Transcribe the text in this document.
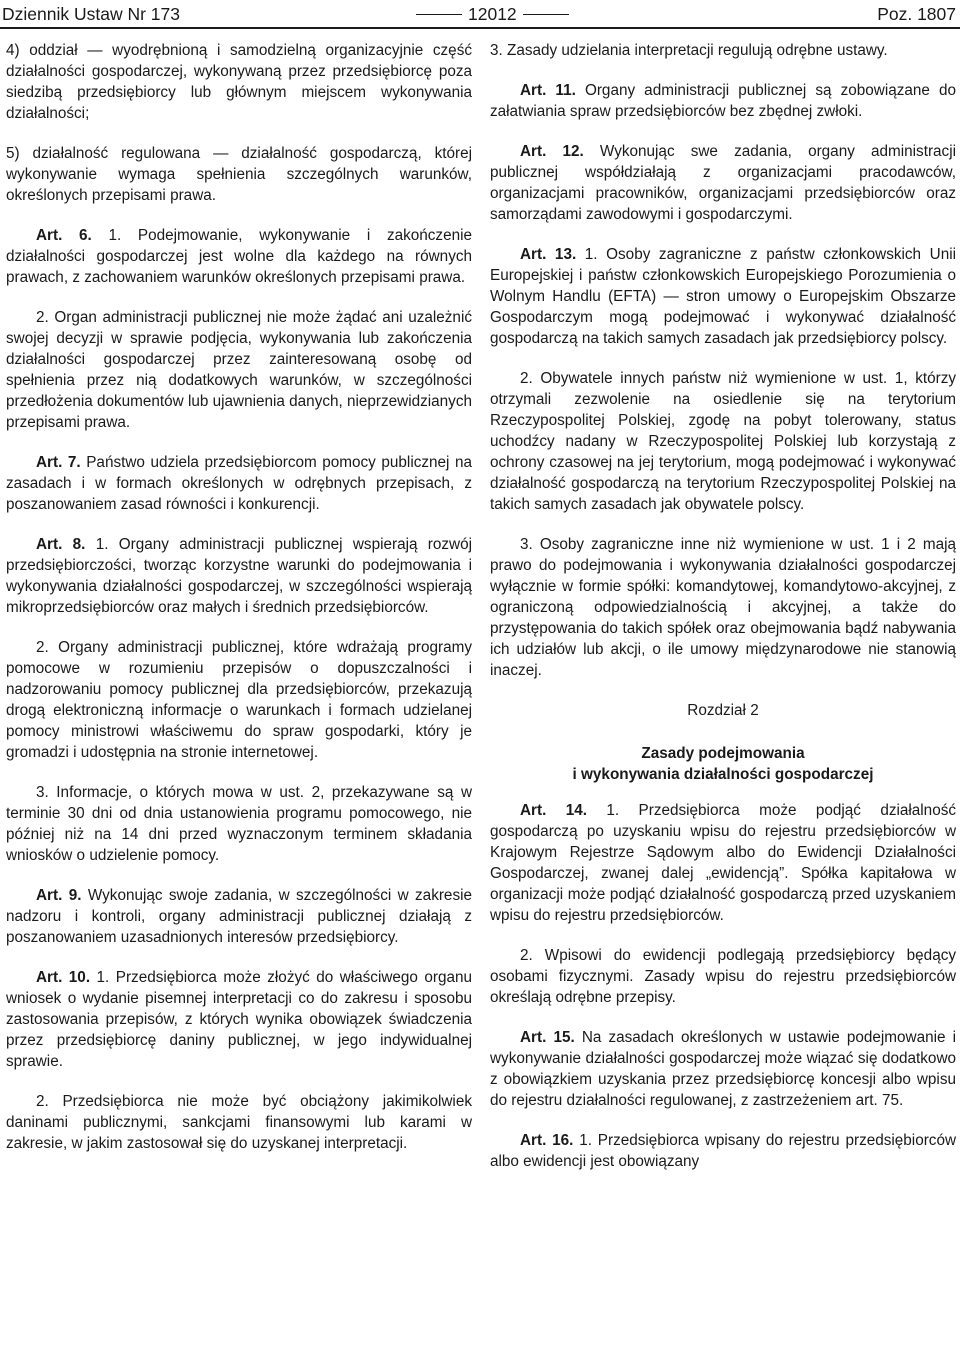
Dziennik Ustaw Nr 173	12012	Poz. 1807

4) oddział — wyodrębnioną i samodzielną organizacyjnie część działalności gospodarczej, wykonywaną przez przedsiębiorcę poza siedzibą przedsiębiorcy lub głównym miejscem wykonywania działalności;

5) działalność regulowana — działalność gospodarczą, której wykonywanie wymaga spełnienia szczególnych warunków, określonych przepisami prawa.

Art. 6. 1. Podejmowanie, wykonywanie i zakończenie działalności gospodarczej jest wolne dla każdego na równych prawach, z zachowaniem warunków określonych przepisami prawa.

2. Organ administracji publicznej nie może żądać ani uzależnić swojej decyzji w sprawie podjęcia, wykonywania lub zakończenia działalności gospodarczej przez zainteresowaną osobę od spełnienia przez nią dodatkowych warunków, w szczególności przedłożenia dokumentów lub ujawnienia danych, nieprzewidzianych przepisami prawa.

Art. 7. Państwo udziela przedsiębiorcom pomocy publicznej na zasadach i w formach określonych w odrębnych przepisach, z poszanowaniem zasad równości i konkurencji.

Art. 8. 1. Organy administracji publicznej wspierają rozwój przedsiębiorczości, tworząc korzystne warunki do podejmowania i wykonywania działalności gospodarczej, w szczególności wspierają mikroprzedsiębiorców oraz małych i średnich przedsiębiorców.

2. Organy administracji publicznej, które wdrażają programy pomocowe w rozumieniu przepisów o dopuszczalności i nadzorowaniu pomocy publicznej dla przedsiębiorców, przekazują drogą elektroniczną informacje o warunkach i formach udzielanej pomocy ministrowi właściwemu do spraw gospodarki, który je gromadzi i udostępnia na stronie internetowej.

3. Informacje, o których mowa w ust. 2, przekazywane są w terminie 30 dni od dnia ustanowienia programu pomocowego, nie później niż na 14 dni przed wyznaczonym terminem składania wniosków o udzielenie pomocy.

Art. 9. Wykonując swoje zadania, w szczególności w zakresie nadzoru i kontroli, organy administracji publicznej działają z poszanowaniem uzasadnionych interesów przedsiębiorcy.

Art. 10. 1. Przedsiębiorca może złożyć do właściwego organu wniosek o wydanie pisemnej interpretacji co do zakresu i sposobu zastosowania przepisów, z których wynika obowiązek świadczenia przez przedsiębiorcę daniny publicznej, w jego indywidualnej sprawie.

2. Przedsiębiorca nie może być obciążony jakimikolwiek daninami publicznymi, sankcjami finansowymi lub karami w zakresie, w jakim zastosował się do uzyskanej interpretacji.

3. Zasady udzielania interpretacji regulują odrębne ustawy.

Art. 11. Organy administracji publicznej są zobowiązane do załatwiania spraw przedsiębiorców bez zbędnej zwłoki.

Art. 12. Wykonując swe zadania, organy administracji publicznej współdziałają z organizacjami pracodawców, organizacjami pracowników, organizacjami przedsiębiorców oraz samorządami zawodowymi i gospodarczymi.

Art. 13. 1. Osoby zagraniczne z państw członkowskich Unii Europejskiej i państw członkowskich Europejskiego Porozumienia o Wolnym Handlu (EFTA) — stron umowy o Europejskim Obszarze Gospodarczym mogą podejmować i wykonywać działalność gospodarczą na takich samych zasadach jak przedsiębiorcy polscy.

2. Obywatele innych państw niż wymienione w ust. 1, którzy otrzymali zezwolenie na osiedlenie się na terytorium Rzeczypospolitej Polskiej, zgodę na pobyt tolerowany, status uchodźcy nadany w Rzeczypospolitej Polskiej lub korzystają z ochrony czasowej na jej terytorium, mogą podejmować i wykonywać działalność gospodarczą na terytorium Rzeczypospolitej Polskiej na takich samych zasadach jak obywatele polscy.

3. Osoby zagraniczne inne niż wymienione w ust. 1 i 2 mają prawo do podejmowania i wykonywania działalności gospodarczej wyłącznie w formie spółki: komandytowej, komandytowo-akcyjnej, z ograniczoną odpowiedzialnością i akcyjnej, a także do przystępowania do takich spółek oraz obejmowania bądź nabywania ich udziałów lub akcji, o ile umowy międzynarodowe nie stanowią inaczej.

Rozdział 2

Zasady podejmowania
i wykonywania działalności gospodarczej

Art. 14. 1. Przedsiębiorca może podjąć działalność gospodarczą po uzyskaniu wpisu do rejestru przedsiębiorców w Krajowym Rejestrze Sądowym albo do Ewidencji Działalności Gospodarczej, zwanej dalej „ewidencją”. Spółka kapitałowa w organizacji może podjąć działalność gospodarczą przed uzyskaniem wpisu do rejestru przedsiębiorców.

2. Wpisowi do ewidencji podlegają przedsiębiorcy będący osobami fizycznymi. Zasady wpisu do rejestru przedsiębiorców określają odrębne przepisy.

Art. 15. Na zasadach określonych w ustawie podejmowanie i wykonywanie działalności gospodarczej może wiązać się dodatkowo z obowiązkiem uzyskania przez przedsiębiorcę koncesji albo wpisu do rejestru działalności regulowanej, z zastrzeżeniem art. 75.

Art. 16. 1. Przedsiębiorca wpisany do rejestru przedsiębiorców albo ewidencji jest obowiązany
